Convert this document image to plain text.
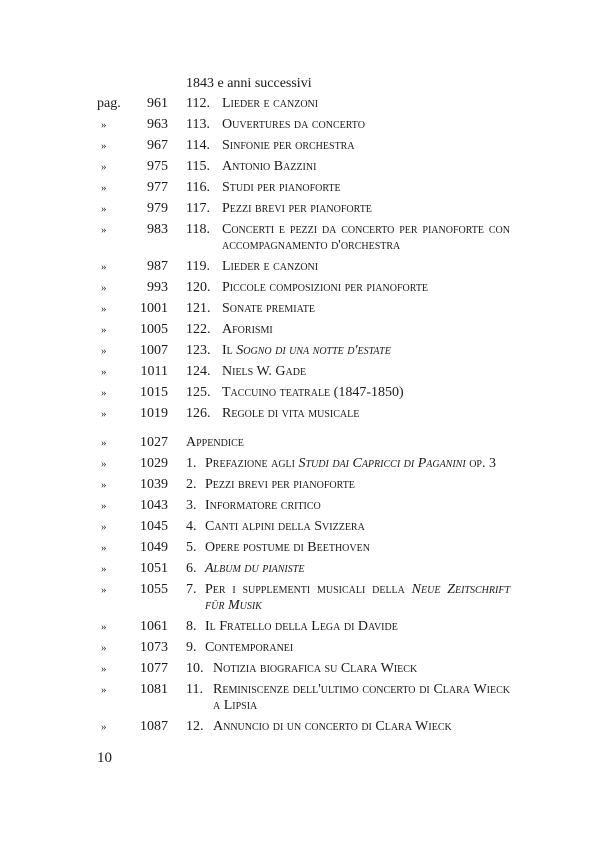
1843 e anni successivi
pag.	961 112. Lieder e canzoni
»	963 113. Ouvertures da concerto
»	967 114. Sinfonie per orchestra
»	975 115. Antonio Bazzini
»	977 116. Studi per pianoforte
»	979 117. Pezzi brevi per pianoforte
»	983 118. Concerti e pezzi da concerto per pianoforte con accompagnamento d'orchestra
»	987 119. Lieder e canzoni
»	993 120. Piccole composizioni per pianoforte
»	1001 121. Sonate premiate
»	1005 122. Aforismi
»	1007 123. Il Sogno di una notte d'estate
»	1011 124. Niels W. Gade
»	1015 125. Taccuino teatrale (1847-1850)
»	1019 126. Regole di vita musicale
»	1027 Appendice
»	1029 1. Prefazione agli Studi dai Capricci di Paganini op. 3
»	1039 2. Pezzi brevi per pianoforte
»	1043 3. Informatore critico
»	1045 4. Canti alpini della Svizzera
»	1049 5. Opere postume di Beethoven
»	1051 6. Album du pianiste
»	1055 7. Per i supplementi musicali della Neue Zeitschrift für Musik
»	1061 8. Il Fratello della Lega di Davide
»	1073 9. Contemporanei
»	1077 10. Notizia biografica su Clara Wieck
»	1081 11. Reminiscenze dell'ultimo concerto di Clara Wieck a Lipsia
»	1087 12. Annuncio di un concerto di Clara Wieck
10
